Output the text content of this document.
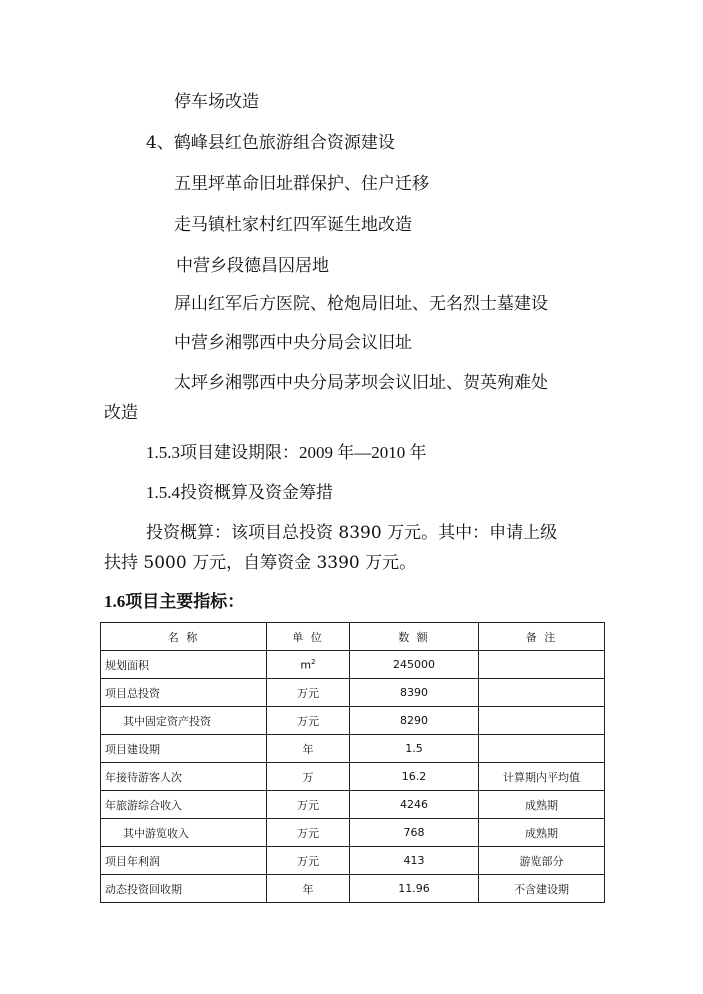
停车场改造
4、鹤峰县红色旅游组合资源建设
五里坪革命旧址群保护、住户迁移
走马镇杜家村红四军诞生地改造
中营乡段德昌囚居地
屏山红军后方医院、枪炮局旧址、无名烈士墓建设
中营乡湘鄂西中央分局会议旧址
太坪乡湘鄂西中央分局茅坝会议旧址、贺英殉难处
改造
1.5.3项目建设期限：2009 年—2010 年
1.5.4投资概算及资金筹措
投资概算：该项目总投资 8390 万元。其中：申请上级
扶持 5000 万元，自筹资金 3390 万元。
1.6项目主要指标：
名 称	单 位	数 额	备 注
规划面积	$m^2$	245000	
项目总投资	万元	8390	
其中固定资产投资	万元	8290	
项目建设期	年	1.5	
年接待游客人次	万	16.2	计算期内平均值
年旅游综合收入	万元	4246	成熟期
其中游览收入	万元	768	成熟期
项目年利润	万元	413	游览部分
动态投资回收期	年	11.96	不含建设期
